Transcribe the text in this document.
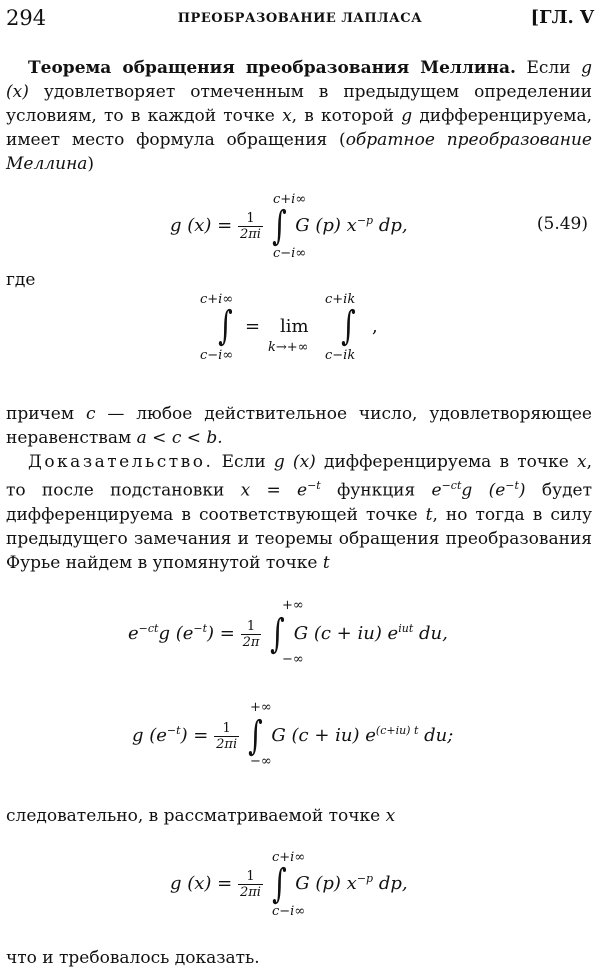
294	ПРЕОБРАЗОВАНИЕ ЛАПЛАСА	[ГЛ. V
Теорема обращения преобразования Меллина. Если g (x) удовлетворяет отмеченным в предыдущем определении условиям, то в каждой точке x, в которой g дифференцируема, имеет место формула обращения (обратное преобразование Меллина)
c+i∞
c−i∞
g $(x) = \frac{1}{2\pi i}$ ∫ G (p) $x^{-p}$ dp,	(5.49)
где
c+i∞
c−i∞
∫ = lim
k→+∞
c+ik
c−ik
∫ ,
причем c — любое действительное число, удовлетворяющее неравенствам a < c < b.
Доказательство. Если g (x) дифференцируема в точке x, то после подстановки $x = e^{-t}$ функция $e^{-ct}g$ $(e^{-t})$ будет дифференцируема в соответствующей точке t, но тогда в силу предыдущего замечания и теоремы обращения преобразования Фурье найдем в упомянутой точке t
+∞
−∞
$e^{-ct}g$ $(e^{-t}) = \frac{1}{2\pi}$ ∫ G (c + iu) $e^{iut}$ du,
+∞
−∞
g $(e^{-t}) = \frac{1}{2\pi i}$ ∫ G (c + iu) $e^{(c+iu) t}$ du;
следовательно, в рассматриваемой точке x
c+i∞
c−i∞
g $(x) = \frac{1}{2\pi i}$ ∫ G (p) $x^{-p}$ dp,
что и требовалось доказать.
